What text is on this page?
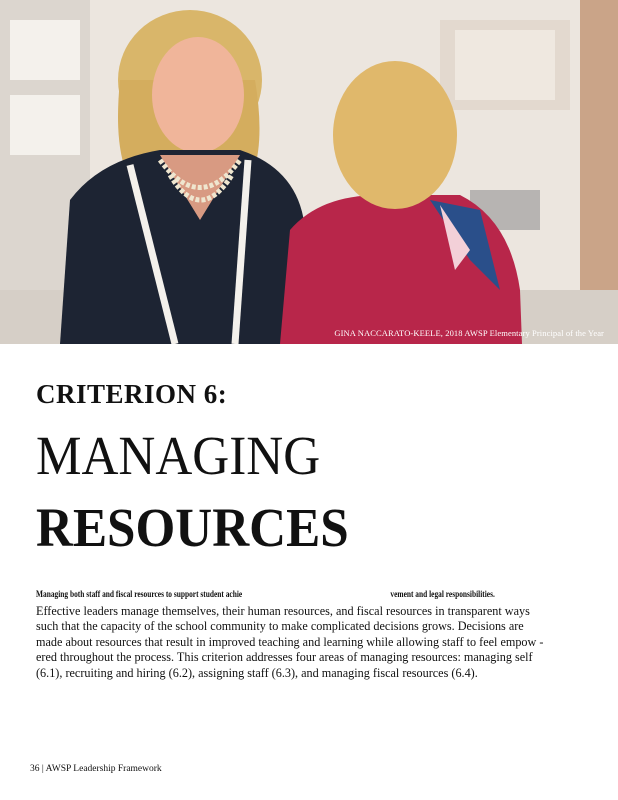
GINA NACCARATO-KEELE, 2018 AWSP Elementary Principal of the Year
CRITERION 6:
MANAGING
RESOURCES
Managing both staff and fiscal resources to support student achie	vement and legal responsibilities.

Effective leaders manage themselves, their human resources, and fiscal resources in transparent ways

such that the capacity of the school community to make complicated decisions grows. Decisions are

made about resources that result in improved teaching and learning while allowing staff to feel empow -

ered throughout the process. This criterion addresses four areas of managing resources: managing self

(6.1), recruiting and hiring (6.2), assigning staff (6.3), and managing fiscal resources (6.4).

36 | AWSP Leadership Framework
